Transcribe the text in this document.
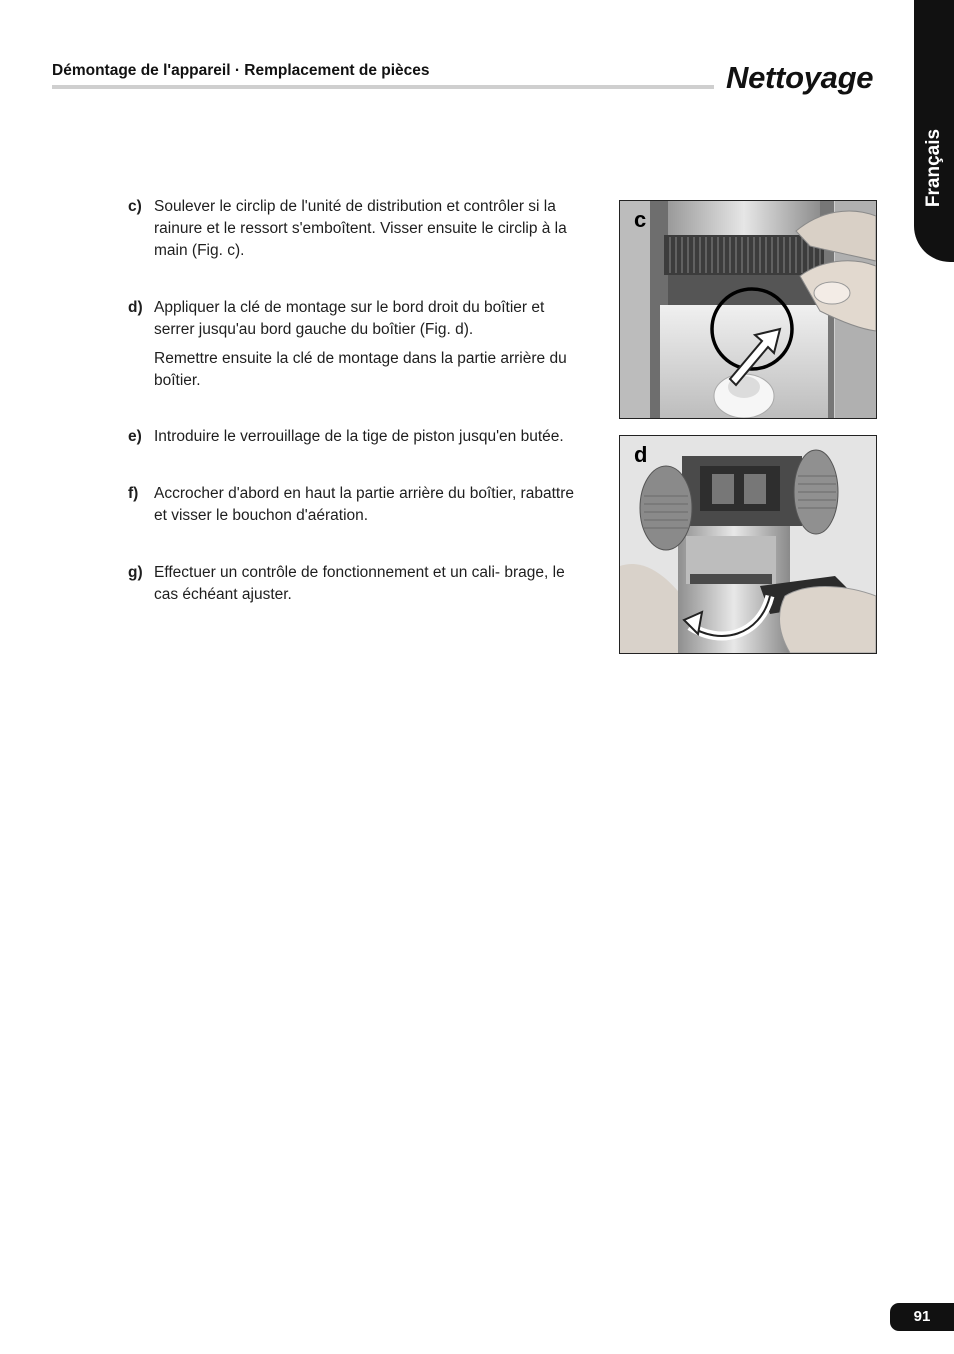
Démontage de l'appareil · Remplacement de pièces	Nettoyage
Français
c) Soulever le circlip de l'unité de distribution et contrôler si la rainure et le ressort s'emboîtent. Visser ensuite le circlip à la main (Fig. c).

d) Appliquer la clé de montage sur le bord droit du boîtier et serrer jusqu'au bord gauche du boîtier (Fig. d).

Remettre ensuite la clé de montage dans la partie arrière du boîtier.

e) Introduire le verrouillage de la tige de piston jusqu'en butée.

f) Accrocher d'abord en haut la partie arrière du boîtier, rabattre et visser le bouchon d'aération.

g) Effectuer un contrôle de fonctionnement et un cali- brage, le cas échéant ajuster.

c
d
91
